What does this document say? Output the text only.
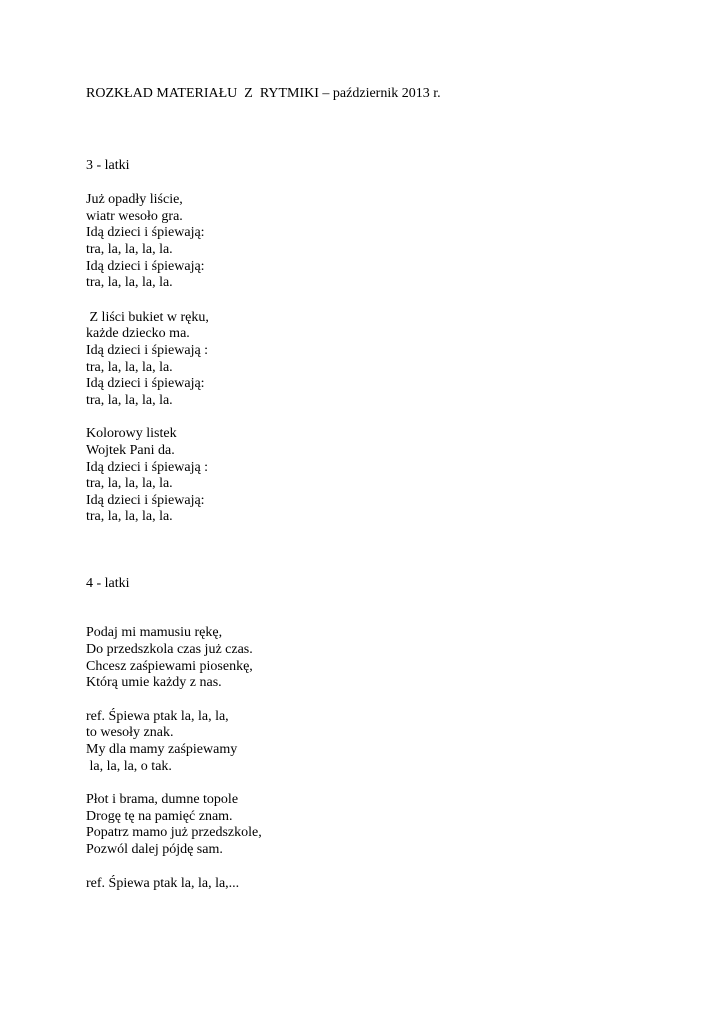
ROZKŁAD MATERIAŁU  Z  RYTMIKI – październik 2013 r.

3 - latki

Już opadły liście,

wiatr wesoło gra.

Idą dzieci i śpiewają:

tra, la, la, la, la.

Idą dzieci i śpiewają:

tra, la, la, la, la.

Z liści bukiet w ręku,

każde dziecko ma.

Idą dzieci i śpiewają :

tra, la, la, la, la.

Idą dzieci i śpiewają:

tra, la, la, la, la.

Kolorowy listek

Wojtek Pani da.

Idą dzieci i śpiewają :

tra, la, la, la, la.

Idą dzieci i śpiewają:

tra, la, la, la, la.

4 - latki

Podaj mi mamusiu rękę,

Do przedszkola czas już czas.

Chcesz zaśpiewami piosenkę,

Którą umie każdy z nas.

ref. Śpiewa ptak la, la, la,

to wesoły znak.

My dla mamy zaśpiewamy

la, la, la, o tak.

Płot i brama, dumne topole

Drogę tę na pamięć znam.

Popatrz mamo już przedszkole,

Pozwól dalej pójdę sam.

ref. Śpiewa ptak la, la, la,...
